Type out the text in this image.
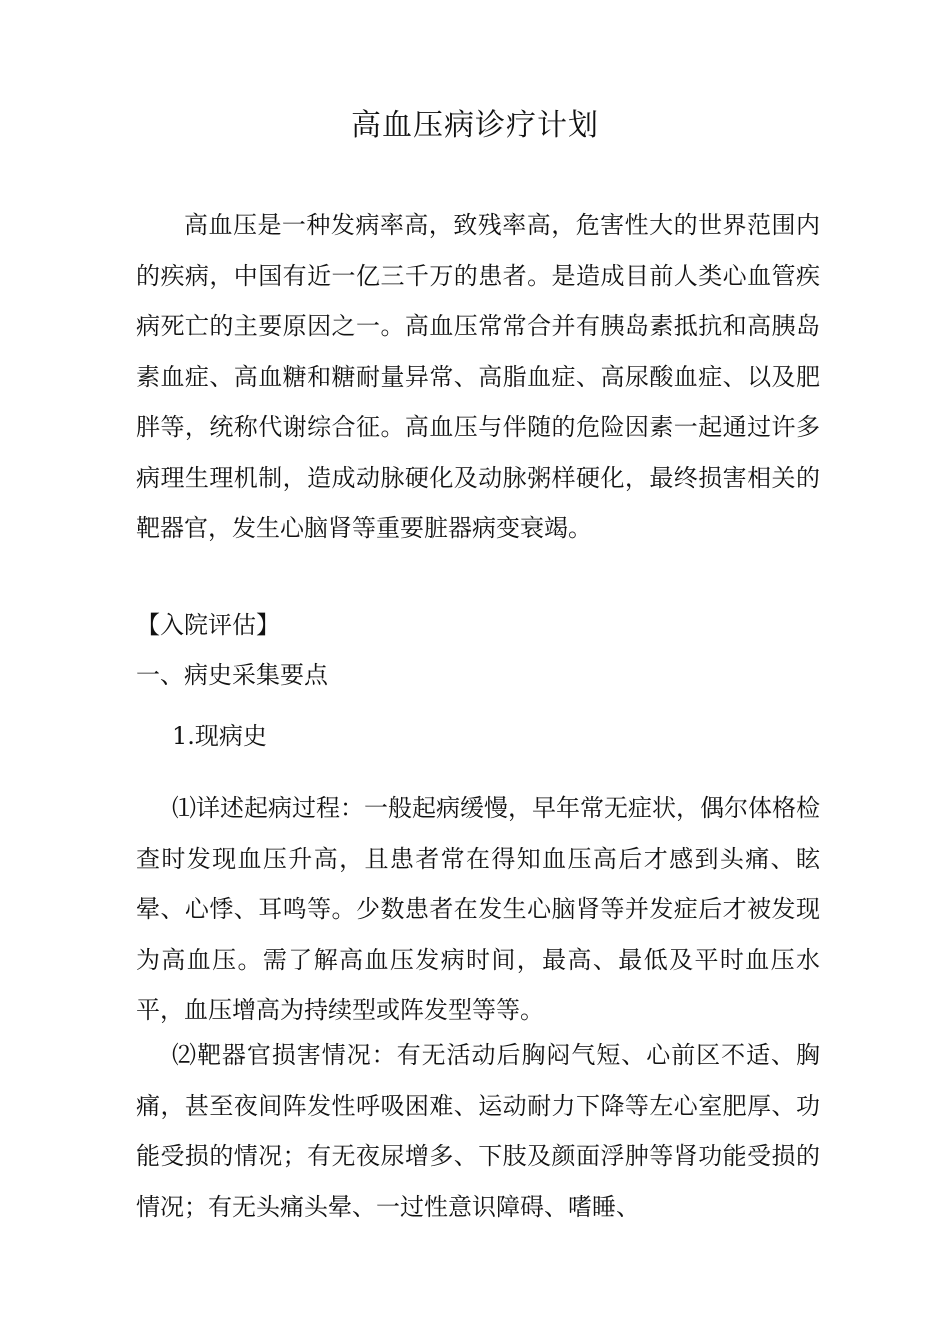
高血压病诊疗计划

高血压是一种发病率高，致残率高，危害性大的世界范围内的疾病，中国有近一亿三千万的患者。是造成目前人类心血管疾病死亡的主要原因之一。高血压常常合并有胰岛素抵抗和高胰岛素血症、高血糖和糖耐量异常、高脂血症、高尿酸血症、以及肥胖等，统称代谢综合征。高血压与伴随的危险因素一起通过许多病理生理机制，造成动脉硬化及动脉粥样硬化，最终损害相关的靶器官，发生心脑肾等重要脏器病变衰竭。

【入院评估】

一、病史采集要点

1.现病史

⑴详述起病过程：一般起病缓慢，早年常无症状，偶尔体格检查时发现血压升高，且患者常在得知血压高后才感到头痛、眩晕、心悸、耳鸣等。少数患者在发生心脑肾等并发症后才被发现为高血压。需了解高血压发病时间，最高、最低及平时血压水平，血压增高为持续型或阵发型等等。

⑵靶器官损害情况：有无活动后胸闷气短、心前区不适、胸痛，甚至夜间阵发性呼吸困难、运动耐力下降等左心室肥厚、功能受损的情况；有无夜尿增多、下肢及颜面浮肿等肾功能受损的情况；有无头痛头晕、一过性意识障碍、嗜睡、
